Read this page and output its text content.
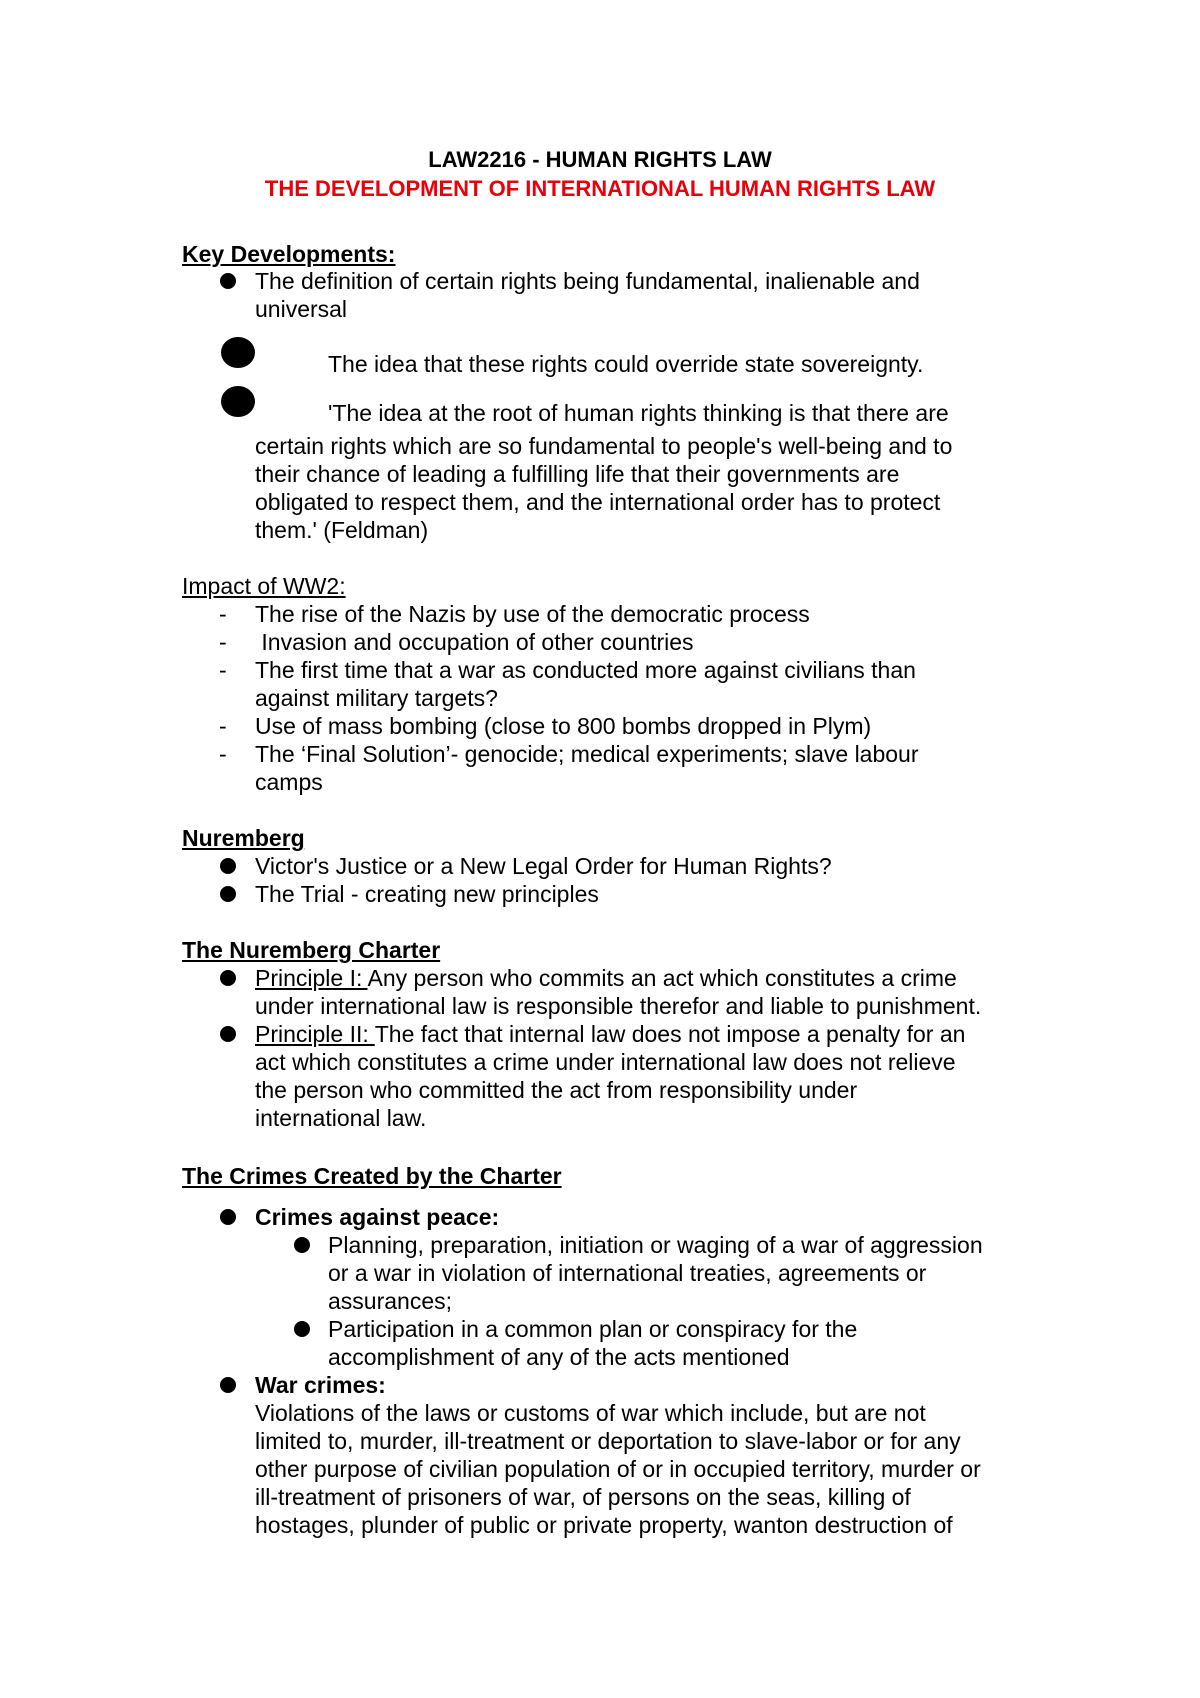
LAW2216 - HUMAN RIGHTS LAW
THE DEVELOPMENT OF INTERNATIONAL HUMAN RIGHTS LAW
Key Developments:
The definition of certain rights being fundamental, inalienable and
universal
The idea that these rights could override state sovereignty.
'The idea at the root of human rights thinking is that there are
certain rights which are so fundamental to people's well-being and to
their chance of leading a fulfilling life that their governments are
obligated to respect them, and the international order has to protect
them.' (Feldman)
Impact of WW2:
- The rise of the Nazis by use of the democratic process
- Invasion and occupation of other countries
- The first time that a war as conducted more against civilians than
against military targets?
- Use of mass bombing (close to 800 bombs dropped in Plym)
- The ‘Final Solution’- genocide; medical experiments; slave labour
camps
Nuremberg
Victor's Justice or a New Legal Order for Human Rights?
The Trial - creating new principles
The Nuremberg Charter
Principle I: Any person who commits an act which constitutes a crime
under international law is responsible therefor and liable to punishment.
Principle II: The fact that internal law does not impose a penalty for an
act which constitutes a crime under international law does not relieve
the person who committed the act from responsibility under
international law.
The Crimes Created by the Charter
Crimes against peace:
Planning, preparation, initiation or waging of a war of aggression
or a war in violation of international treaties, agreements or
assurances;
Participation in a common plan or conspiracy for the
accomplishment of any of the acts mentioned
War crimes:
Violations of the laws or customs of war which include, but are not
limited to, murder, ill-treatment or deportation to slave-labor or for any
other purpose of civilian population of or in occupied territory, murder or
ill-treatment of prisoners of war, of persons on the seas, killing of
hostages, plunder of public or private property, wanton destruction of
